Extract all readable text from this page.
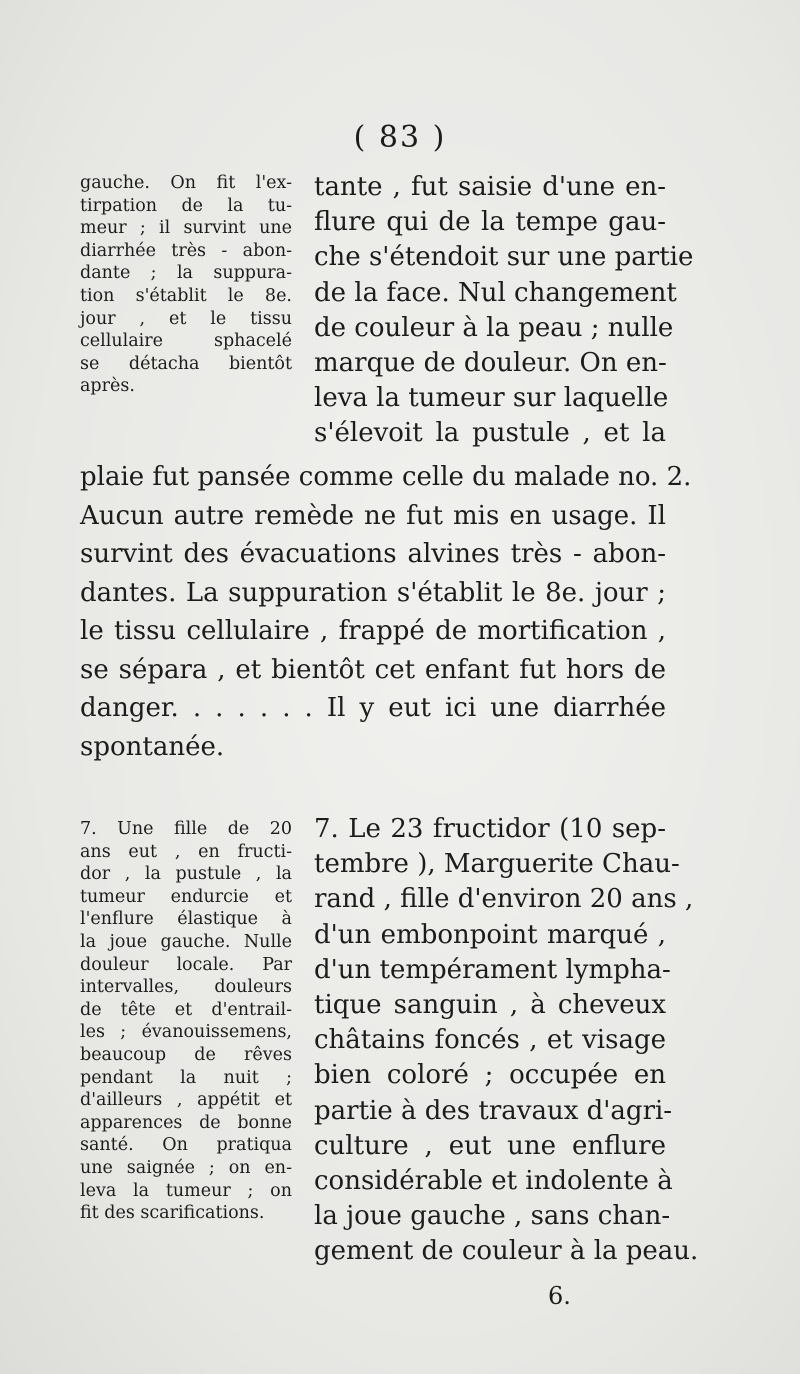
( 83 )
gauche. On fit l'ex-
tirpation de la tu-
meur ; il survint une
diarrhée très - abon-
dante ; la suppura-
tion s'établit le 8e.
jour , et le tissu
cellulaire sphacelé
se détacha bientôt
après.
tante , fut saisie d'une en-
flure qui de la tempe gau-
che s'étendoit sur une partie
de la face. Nul changement
de couleur à la peau ; nulle
marque de douleur. On en-
leva la tumeur sur laquelle
s'élevoit la pustule , et la
plaie fut pansée comme celle du malade no. 2.
Aucun autre remède ne fut mis en usage. Il
survint des évacuations alvines très - abon-
dantes. La suppuration s'établit le 8e. jour ;
le tissu cellulaire , frappé de mortification ,
se sépara , et bientôt cet enfant fut hors de
danger. . . . . . . Il y eut ici une diarrhée
spontanée.
7. Une fille de 20
ans eut , en fructi-
dor , la pustule , la
tumeur endurcie et
l'enflure élastique à
la joue gauche. Nulle
douleur locale. Par
intervalles, douleurs
de tête et d'entrail-
les ; évanouissemens,
beaucoup de rêves
pendant la nuit ;
d'ailleurs , appétit et
apparences de bonne
santé. On pratiqua
une saignée ; on en-
leva la tumeur ; on
fit des scarifications.
7. Le 23 fructidor (10 sep-
tembre ), Marguerite Chau-
rand , fille d'environ 20 ans ,
d'un embonpoint marqué ,
d'un tempérament lympha-
tique sanguin , à cheveux
châtains foncés , et visage
bien coloré ; occupée en
partie à des travaux d'agri-
culture , eut une enflure
considérable et indolente à
la joue gauche , sans chan-
gement de couleur à la peau.
6.
